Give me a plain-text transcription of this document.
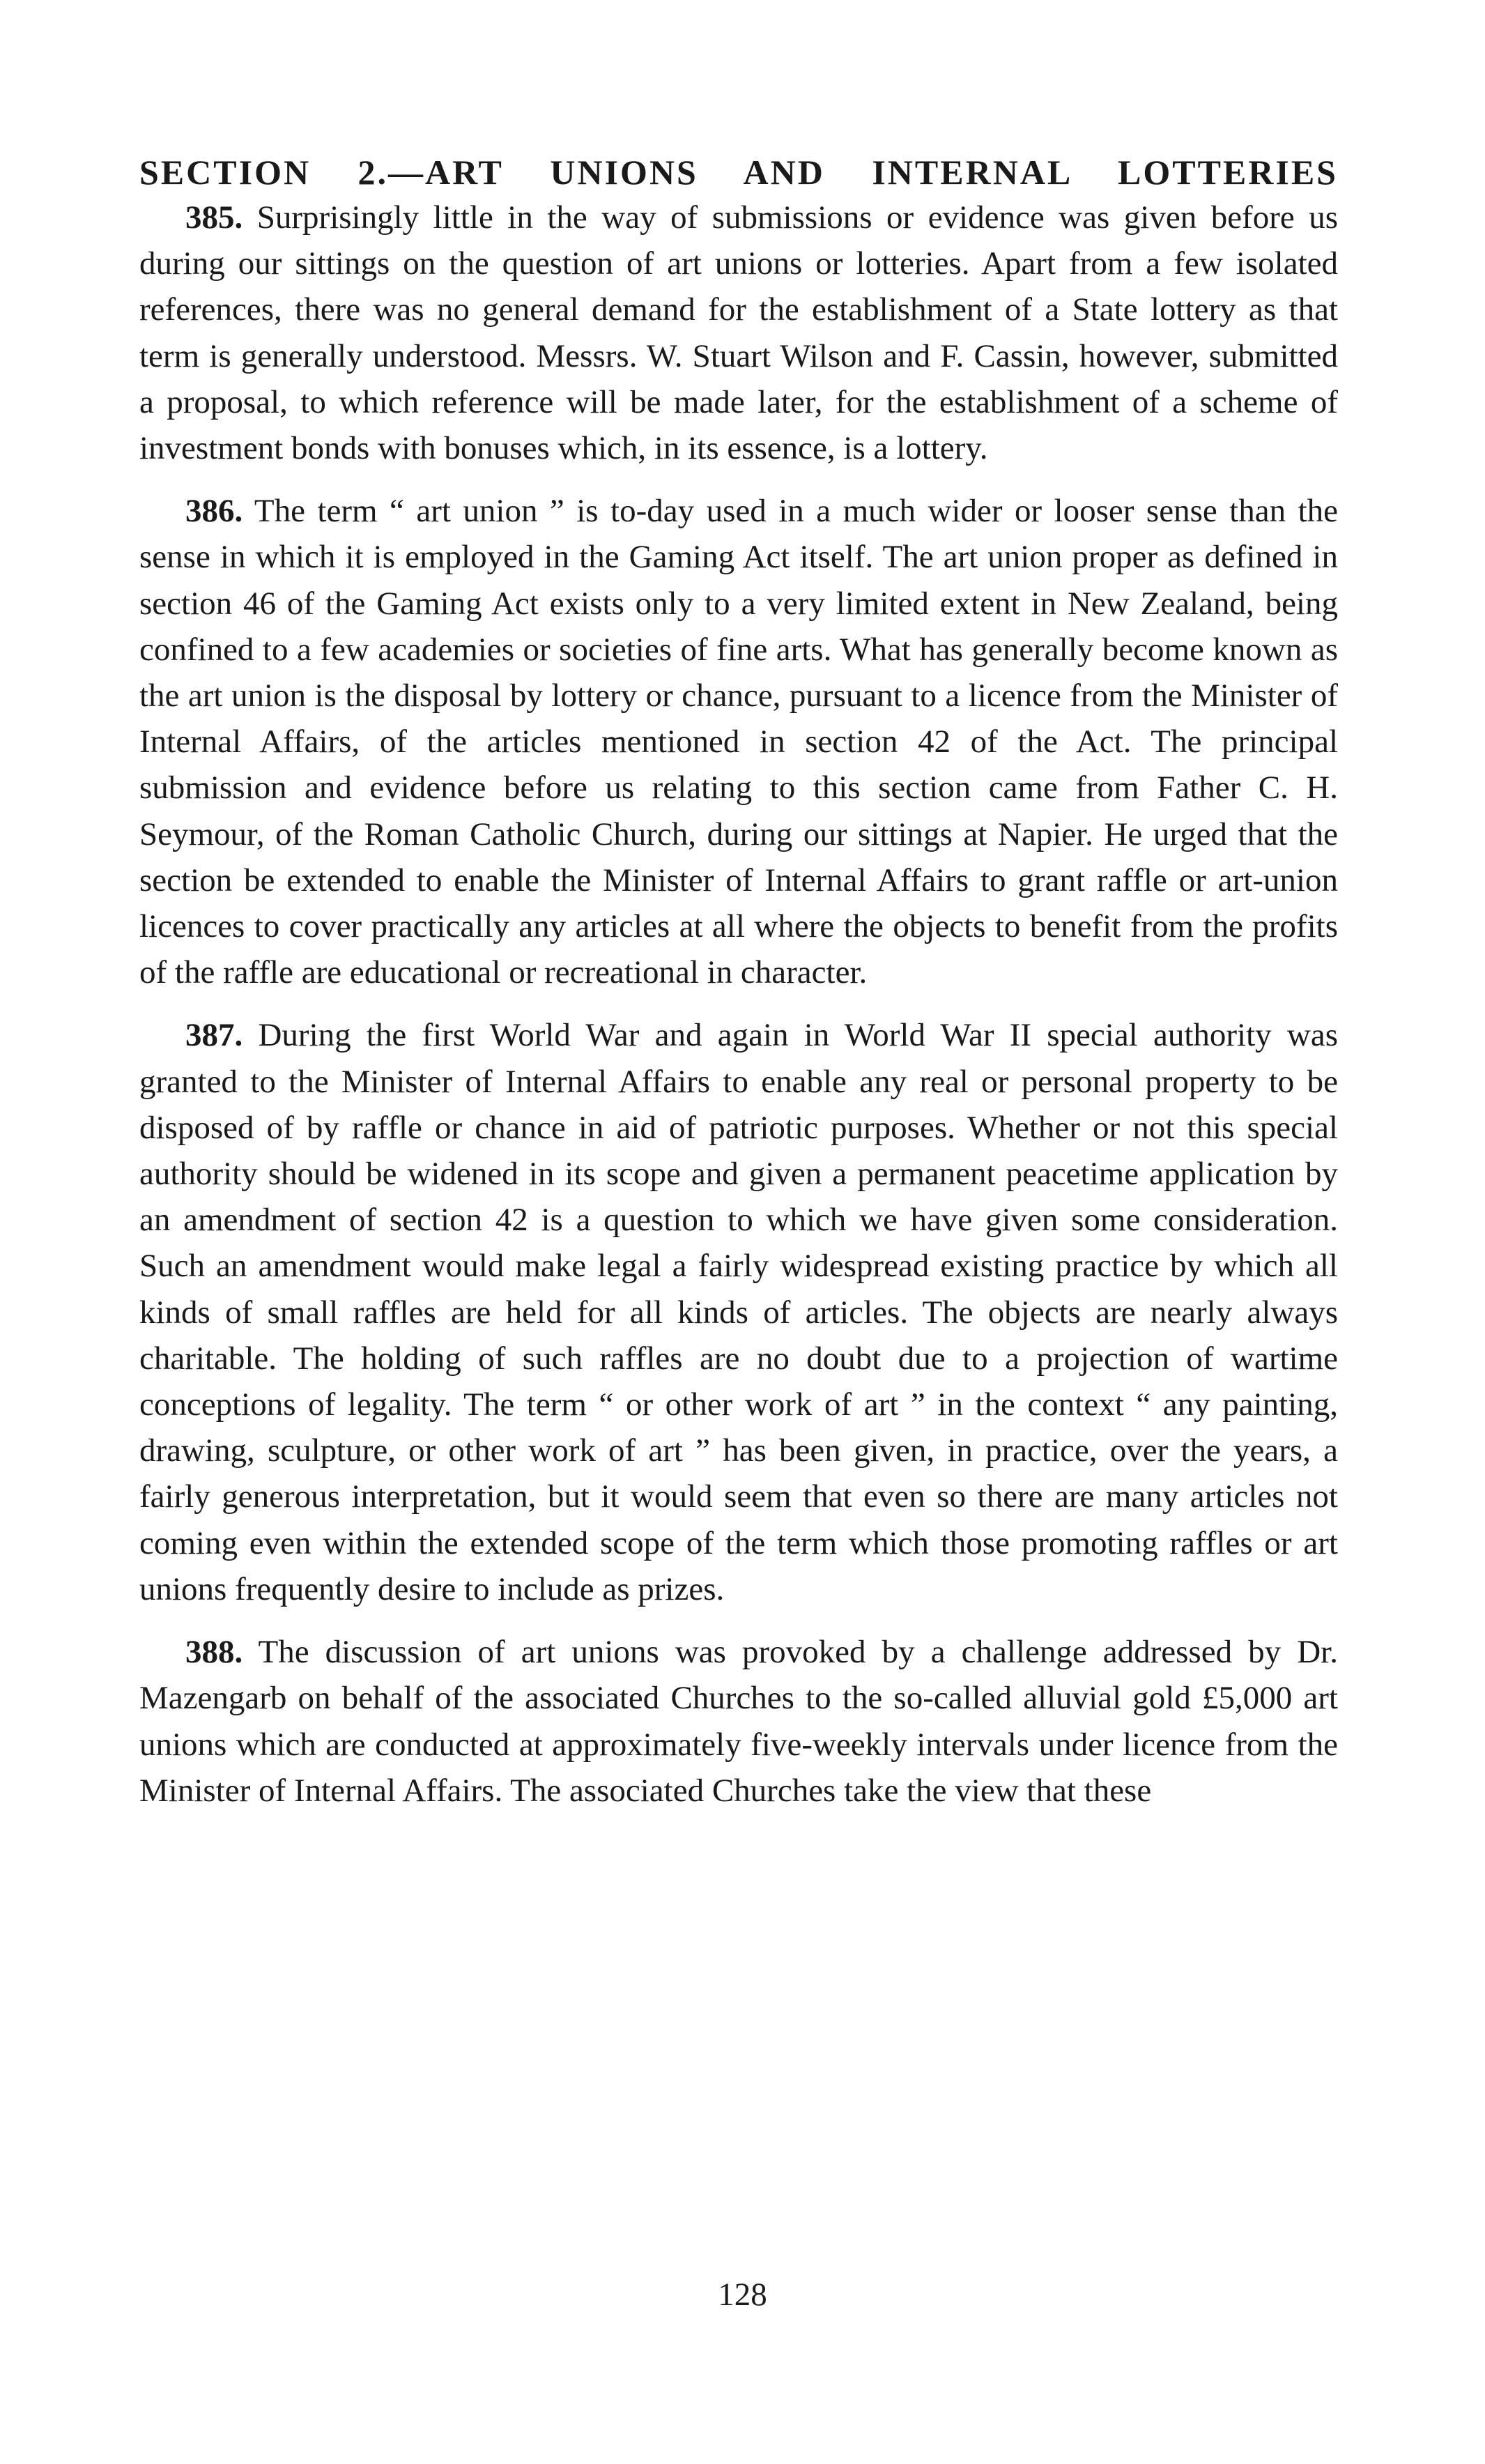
SECTION 2.—ART UNIONS AND INTERNAL LOTTERIES

385. Surprisingly little in the way of submissions or evidence was given before us during our sittings on the question of art unions or lotteries. Apart from a few isolated references, there was no general demand for the establishment of a State lottery as that term is generally understood. Messrs. W. Stuart Wilson and F. Cassin, however, submitted a proposal, to which reference will be made later, for the establishment of a scheme of investment bonds with bonuses which, in its essence, is a lottery.

386. The term “ art union ” is to-day used in a much wider or looser sense than the sense in which it is employed in the Gaming Act itself. The art union proper as defined in section 46 of the Gaming Act exists only to a very limited extent in New Zealand, being confined to a few academies or societies of fine arts. What has generally become known as the art union is the disposal by lottery or chance, pursuant to a licence from the Minister of Internal Affairs, of the articles mentioned in section 42 of the Act. The principal submission and evidence before us relating to this section came from Father C. H. Seymour, of the Roman Catholic Church, during our sittings at Napier. He urged that the section be extended to enable the Minister of Internal Affairs to grant raffle or art-union licences to cover practically any articles at all where the objects to benefit from the profits of the raffle are educational or recreational in character.

387. During the first World War and again in World War II special authority was granted to the Minister of Internal Affairs to enable any real or personal property to be disposed of by raffle or chance in aid of patriotic purposes. Whether or not this special authority should be widened in its scope and given a permanent peacetime application by an amendment of section 42 is a question to which we have given some consideration. Such an amendment would make legal a fairly widespread existing practice by which all kinds of small raffles are held for all kinds of articles. The objects are nearly always charitable. The holding of such raffles are no doubt due to a projection of wartime conceptions of legality. The term “ or other work of art ” in the context “ any painting, drawing, sculpture, or other work of art ” has been given, in practice, over the years, a fairly generous interpretation, but it would seem that even so there are many articles not coming even within the extended scope of the term which those promoting raffles or art unions frequently desire to include as prizes.

388. The discussion of art unions was provoked by a challenge addressed by Dr. Mazengarb on behalf of the associated Churches to the so-called alluvial gold £5,000 art unions which are conducted at approximately five-weekly intervals under licence from the Minister of Internal Affairs. The associated Churches take the view that these

128
